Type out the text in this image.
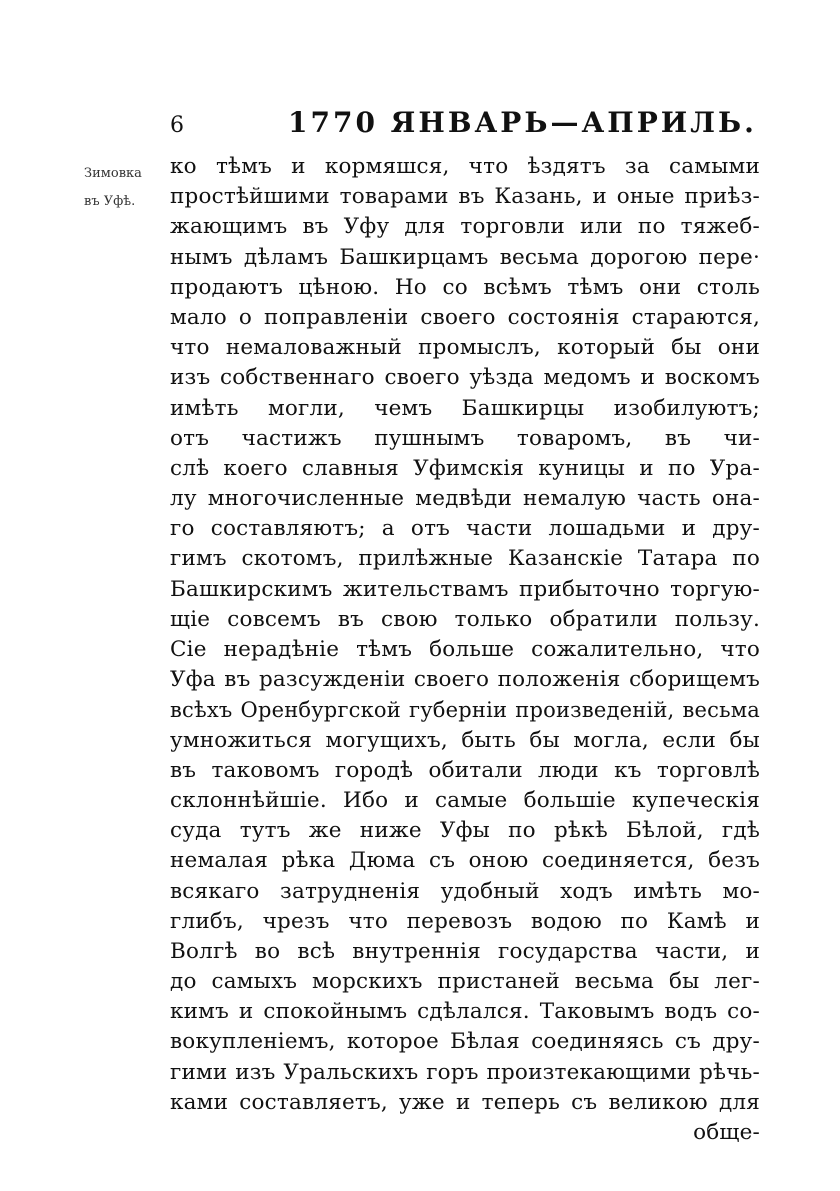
6	1770 ЯНВАРЬ—АПРИЛЬ.
Зимовка
въ Уфѣ.
ко тѣмъ и кормяшся, что ѣздятъ за самыми
простѣйшими товарами въ Казань, и оные приѣз-
жающимъ въ Уфу для торговли или по тяжеб-
нымъ дѣламъ Башкирцамъ весьма дорогою пере·
продаютъ цѣною. Но со всѣмъ тѣмъ они столь
мало о поправленіи своего состоянія стараются,
что немаловажный промыслъ, который бы они
изъ собственнаго своего уѣзда медомъ и воскомъ
имѣть могли, чемъ Башкирцы изобилуютъ;
отъ частижъ пушнымъ товаромъ, въ чи-
слѣ коего славныя Уфимскія куницы и по Ура-
лу многочисленные медвѣди немалую часть она-
го составляютъ; а отъ части лошадьми и дру-
гимъ скотомъ, прилѣжные Казанскіе Татара по
Башкирскимъ жительствамъ прибыточно торгую-
щіе совсемъ въ свою только обратили пользу.
Сіе нерадѣніе тѣмъ больше сожалительно, что
Уфа въ разсужденіи своего положенія сборищемъ
всѣхъ Оренбургской губерніи произведеній, весьма
умножиться могущихъ, быть бы могла, если бы
въ таковомъ городѣ обитали люди къ торговлѣ
склоннѣйшіе. Ибо и самые большіе купеческія
суда тутъ же ниже Уфы по рѣкѣ Бѣлой, гдѣ
немалая рѣка Дюма съ оною соединяется, безъ
всякаго затрудненія удобный ходъ имѣть мо-
глибъ, чрезъ что перевозъ водою по Камѣ и
Волгѣ во всѣ внутреннія государства части, и
до самыхъ морскихъ пристаней весьма бы лег-
кимъ и спокойнымъ сдѣлался. Таковымъ водъ со-
вокупленіемъ, которое Бѣлая соединяясь съ дру-
гими изъ Уральскихъ горъ произтекающими рѣчь-
ками составляетъ, уже и теперь съ великою для
обще-
